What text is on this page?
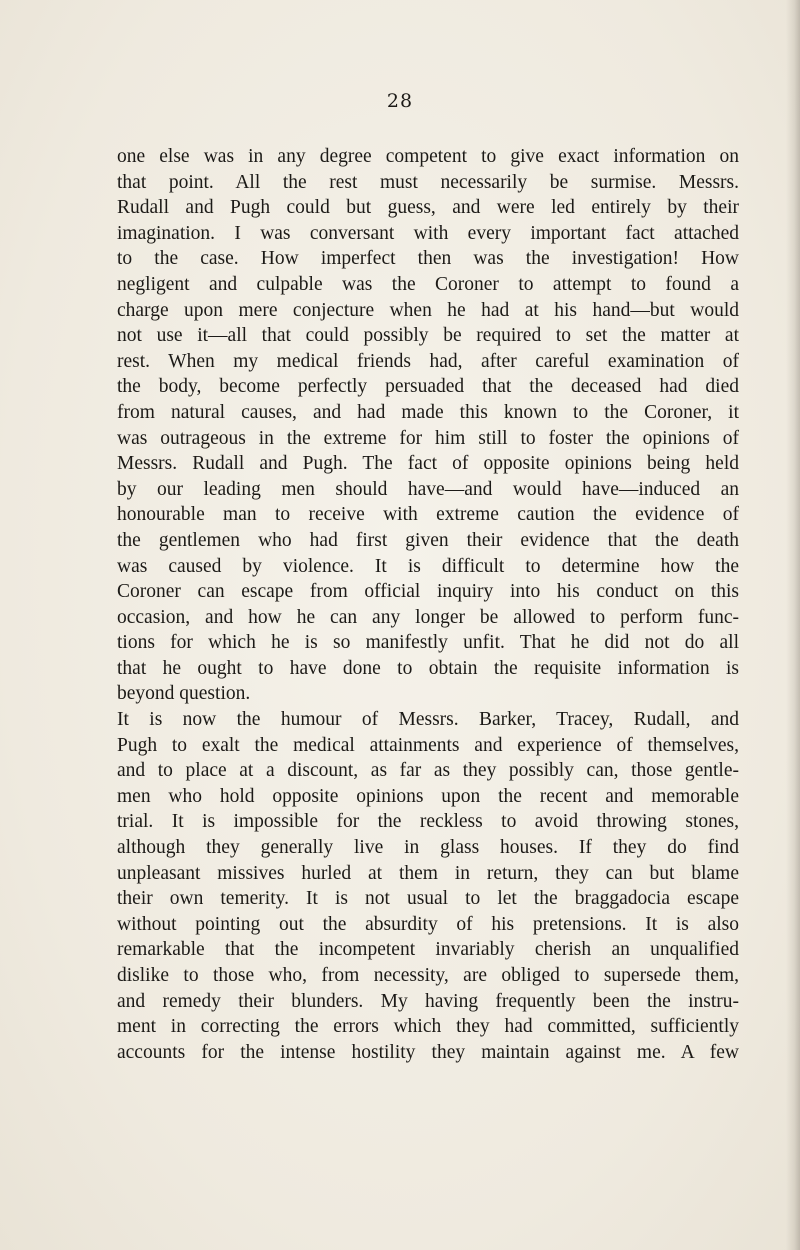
28
one else was in any degree competent to give exact information on
that point. All the rest must necessarily be surmise. Messrs.
Rudall and Pugh could but guess, and were led entirely by their
imagination. I was conversant with every important fact attached
to the case. How imperfect then was the investigation! How
negligent and culpable was the Coroner to attempt to found a
charge upon mere conjecture when he had at his hand—but would
not use it—all that could possibly be required to set the matter at
rest. When my medical friends had, after careful examination of
the body, become perfectly persuaded that the deceased had died
from natural causes, and had made this known to the Coroner, it
was outrageous in the extreme for him still to foster the opinions of
Messrs. Rudall and Pugh. The fact of opposite opinions being held
by our leading men should have—and would have—induced an
honourable man to receive with extreme caution the evidence of
the gentlemen who had first given their evidence that the death
was caused by violence. It is difficult to determine how the
Coroner can escape from official inquiry into his conduct on this
occasion, and how he can any longer be allowed to perform func-
tions for which he is so manifestly unfit. That he did not do all
that he ought to have done to obtain the requisite information is
beyond question.
It is now the humour of Messrs. Barker, Tracey, Rudall, and
Pugh to exalt the medical attainments and experience of themselves,
and to place at a discount, as far as they possibly can, those gentle-
men who hold opposite opinions upon the recent and memorable
trial. It is impossible for the reckless to avoid throwing stones,
although they generally live in glass houses. If they do find
unpleasant missives hurled at them in return, they can but blame
their own temerity. It is not usual to let the braggadocia escape
without pointing out the absurdity of his pretensions. It is also
remarkable that the incompetent invariably cherish an unqualified
dislike to those who, from necessity, are obliged to supersede them,
and remedy their blunders. My having frequently been the instru-
ment in correcting the errors which they had committed, sufficiently
accounts for the intense hostility they maintain against me. A few
